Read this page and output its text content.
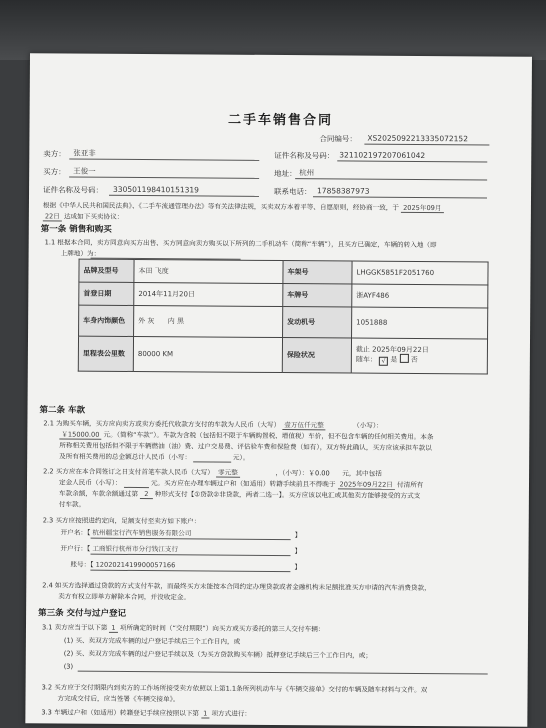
二手车销售合同
合同编号： XS20250922133350721​52
卖方： 张亚非	证件名称及号码： 321102197207061042
买方： 王俊一	地址： 杭州
证件名称及号码： 330501198410151319	联系电话： 17858387973
根据《中华人民共和国民法典》、《二手车流通管理办法》等有关法律法规，买卖双方本着平等、自愿原则，经协商一致，于 2025年09月
22日 达成如下买卖协议：
第一条 销售和购买
1.1 根据本合同，卖方同意向买方出售、买方同意向卖方购买以下所列的二手机动车（简称“车辆”），且买方已确定，车辆的转入地（即
上牌地）为：
品牌及型号	本田 飞度	车架号	LHGGK5851F2051760
首登日期	2014年11月20日	车牌号	浙AYF486
车身内饰颜色	外 灰 内 黑	发动机号	1051888
里程表公里数	80000 KM	保险状况	截止 2025年09月22日
随车： √ 是 否
第二条 车款
2.1 为购买车辆，买方应向卖方或卖方委托代收款方支付的车款为人民币（大写） 壹万伍仟元整	（小写）：
￥15000.00 元。（简称“车款”）。车款为含税（包括但不限于车辆购置税、增值税）车价，但不包含车辆的任何相关费用。本条
所称相关费用包括但不限于车辆燃油（油）费、过户交易费、评估验车费和保险费（如有），双方特此确认，买方应该承担车款以
及所有相关费用的总金额总计人民币（小写：	元）。
2.2 买方应在本合同签订之日支付首笔车款人民币（大写） 零元整	，（小写）：￥0.00 元，其中包括
定金人民币（小写）：	元。买方应在办理车辆过户和（如适用）转籍手续前且不得晚于 2025年09月22日 付清所有
车款余额，车款余额通过第  2  种形式支付【①贷款②非贷款，两者二选一】。买方应该以电汇或其他卖方能够接受的方式支
付车款。
2.3 买方应按照进约定向，足额支付至卖方如下账户：
开户名：【 杭州疆宝行汽车销售服务有限公司	】
开户行：【 工商银行杭州市分行钱江支行	】
账号：【 1202021419900057166	】
2.4 如买方选择通过贷款的方式支付车款，而最终买方未能按本合同约定办理贷款或者金融机构未足额批准买方申请的汽车消费贷款，
卖方有权立即单方解除本合同，并没收定金。
第三条 交付与过户登记
3.1 卖方应当于以下第 1 项所确定的时间（“交付期限”）向买方或买方委托的第三人交付车辆：
(1) 买、卖双方完成车辆的过户登记手续后三个工作日内，或
(2) 买、卖双方完成车辆的过户登记手续以及（为买方贷款购买车辆）抵押登记手续后三个工作日内，或；
(3)
3.2 买方应于交付期限内到卖方的工作场所接受卖方依照以上第1.1条所列机动车与《车辆交接单》交付的车辆及随车材料与文件。双
方完成交付后，应当签署《车辆交接单》。
3.3 车辆过户和（如适用）转籍登记手续应按照以下第 1 项方式进行：
